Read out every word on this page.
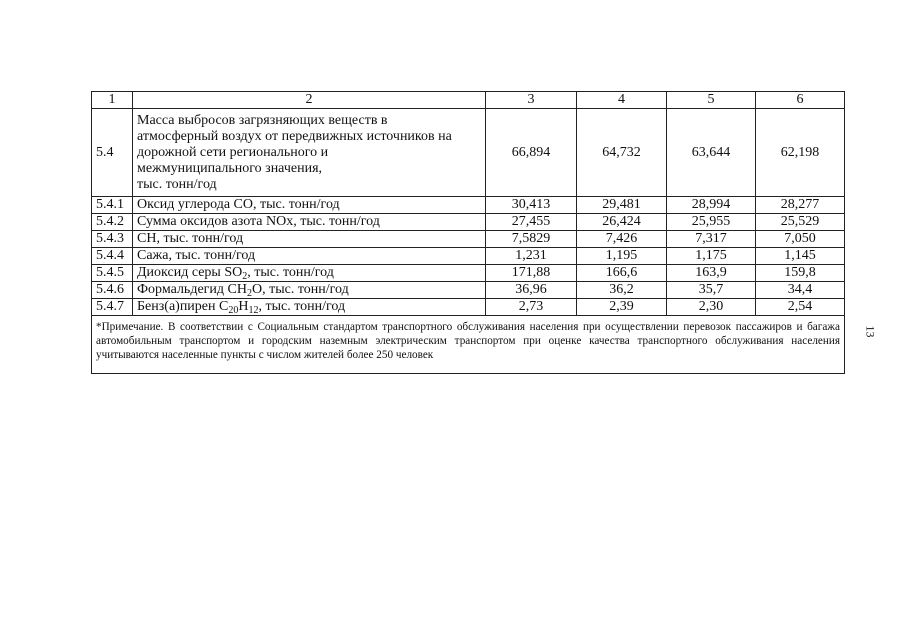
1	2	3	4	5	6
5.4	Масса выбросов загрязняющих веществ в
атмосферный воздух от передвижных источников на
дорожной сети регионального и
межмуниципального значения,
тыс. тонн/год	66,894	64,732	63,644	62,198
5.4.1	Оксид углерода СО, тыс. тонн/год	30,413	29,481	28,994	28,277
5.4.2	Сумма оксидов азота NOх, тыс. тонн/год	27,455	26,424	25,955	25,529
5.4.3	СН, тыс. тонн/год	7,5829	7,426	7,317	7,050
5.4.4	Сажа, тыс. тонн/год	1,231	1,195	1,175	1,145
5.4.5	Диоксид серы $SO_2$, тыс. тонн/год	171,88	166,6	163,9	159,8
5.4.6	Формальдегид $СН_2О$, тыс. тонн/год	36,96	36,2	35,7	34,4
5.4.7	Бенз(а)пирен $С_{20}Н_{12}$, тыс. тонн/год	2,73	2,39	2,30	2,54
*Примечание. В соответствии с Социальным стандартом транспортного обслуживания населения при осуществлении перевозок пассажиров и багажа автомобильным транспортом и городским наземным электрическим транспортом при оценке качества транспортного обслуживания населения учитываются населенные пункты с числом жителей более 250 человек					
13
